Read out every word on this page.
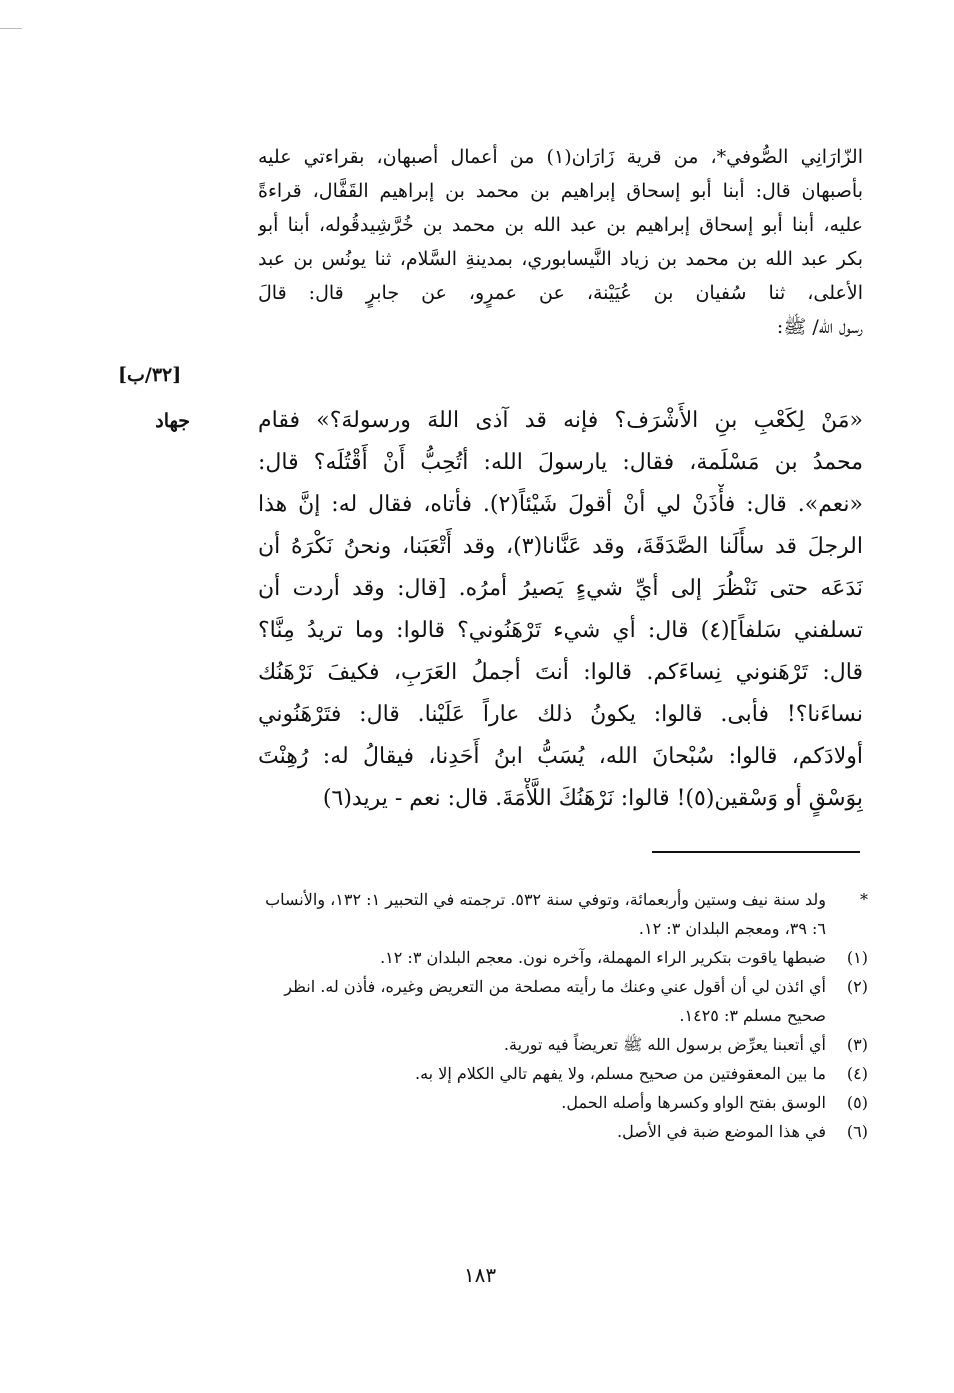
الزّارَانِي الصُّوفي*، من قرية زَارَان(١) من أعمال أصبهان، بقراءتي عليه
بأصبهان قال: أبنا أبو إسحاق إبراهيم بن محمد بن إبراهيم القَفَّال، قراءةً
عليه، أبنا أبو إسحاق إبراهيم بن عبد الله بن محمد بن خُرَّشِيدقُوله، أبنا أبو
بكر عبد الله بن محمد بن زياد النَّيسابوري، بمدينةِ السَّلام، ثنا يونُس بن عبد
الأعلى، ثنا سُفيان بن عُيَيْنة، عن عمرٍو، عن جابرٍ قال: قالَ
رسول الله/ ﷺ:
[٣٢/ب]
جهاد	«مَنْ لِكَعْبِ بنِ الأَشْرَف؟ فإنه قد آذى اللهَ ورسولهَ؟» فقام
محمدُ بن مَسْلَمة، فقال: يارسولَ الله: أتُحِبُّ أَنْ أَقْتُلَه؟ قال:
«نعم». قال: فأْذَنْ لي أنْ أقولَ شَيْئاً(٢). فأتاه، فقال له: إنَّ هذا
الرجلَ قد سأَلَنا الصَّدَقَةَ، وقد عَنَّانا(٣)، وقد أَتْعَبَنا، ونحنُ نَكْرَهُ أن
نَدَعَه حتى نَنْظُرَ إلى أيِّ شيءٍ يَصيرُ أمرُه. [قال: وقد أردت أن
تسلفني سَلفاً](٤) قال: أي شيء تَرْهَنُوني؟ قالوا: وما تريدُ مِنَّا؟
قال: تَرْهَنوني نِساءَكم. قالوا: أنتَ أجملُ العَرَبِ، فكيفَ نَرْهَنُك
نساءَنا؟! فأبى. قالوا: يكونُ ذلك عاراً عَلَيْنا. قال: فتَرْهَنُوني
أولادَكم، قالوا: سُبْحانَ الله، يُسَبُّ ابنُ أَحَدِنا، فيقالُ له: رُهِنْتَ
بِوَسْقٍ أو وَسْقين(٥)! قالوا: نَرْهَنُكَ اللَّأْمَةَ. قال: نعم - يريد(٦)
*
ولد سنة نيف وستين وأربعمائة، وتوفي سنة ٥٣٢. ترجمته في التحبير ١: ١٣٢، والأنساب ٦: ٣٩، ومعجم البلدان ٣: ١٢.
(١)
ضبطها ياقوت بتكرير الراء المهملة، وآخره نون. معجم البلدان ٣: ١٢.
(٢)
أي ائذن لي أن أقول عني وعنك ما رأيته مصلحة من التعريض وغيره، فأذن له. انظر صحيح مسلم ٣: ١٤٢٥.
(٣)
أي أتعبنا يعرِّض برسول الله ﷺ تعريضاً فيه تورية.
(٤)
ما بين المعقوفتين من صحيح مسلم، ولا يفهم تالي الكلام إلا به.
(٥)
الوسق بفتح الواو وكسرها وأصله الحمل.
(٦)
في هذا الموضع ضبة في الأصل.
١٨٣
